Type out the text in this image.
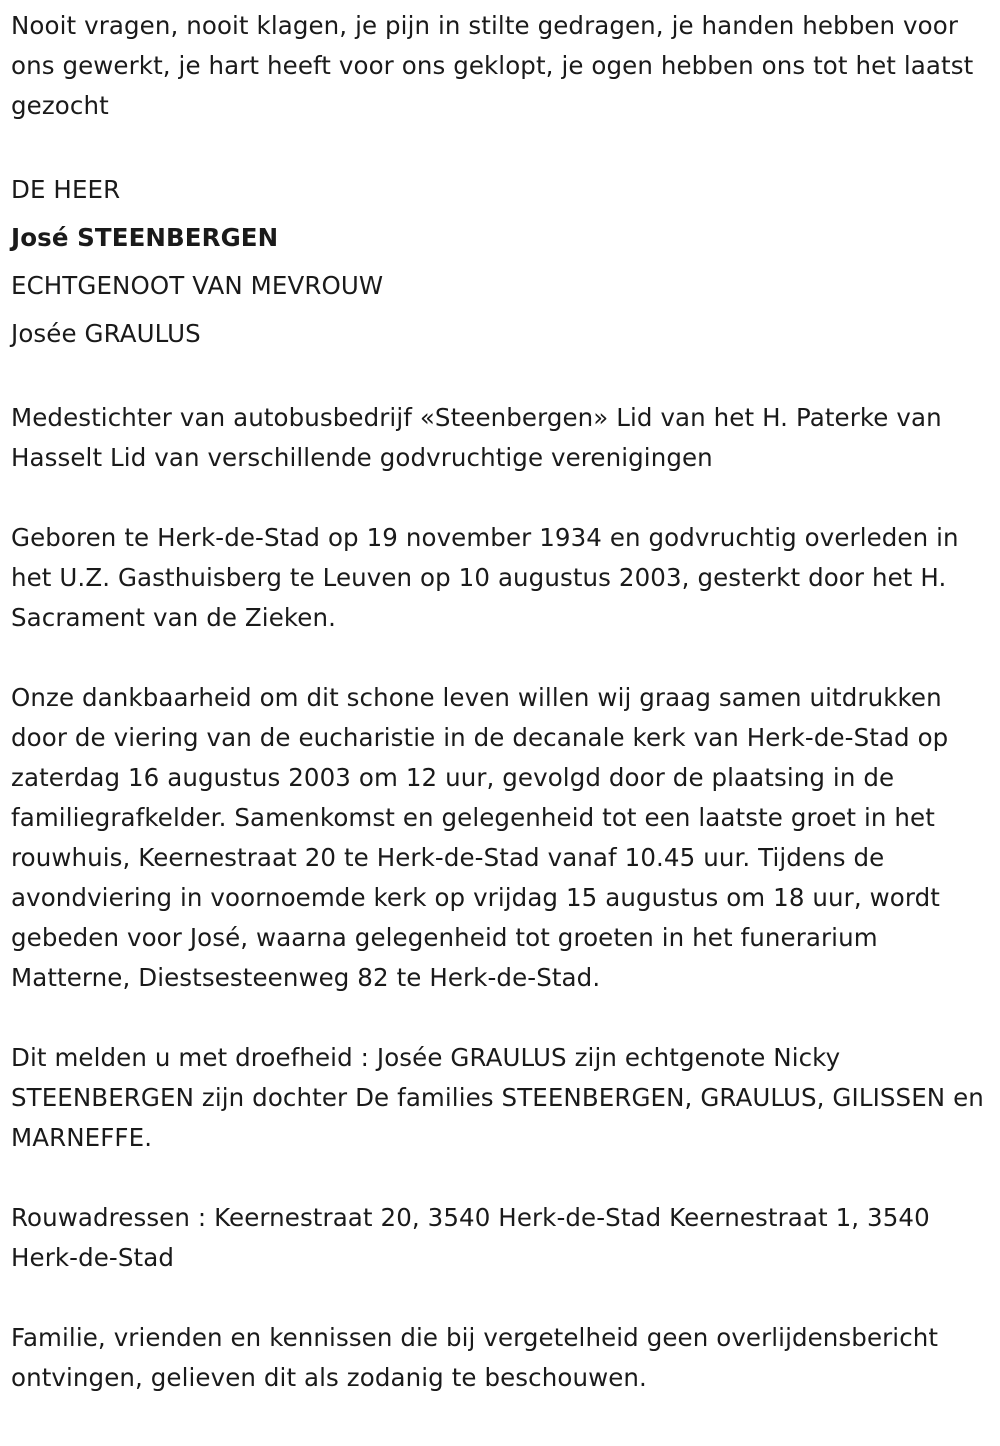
Nooit vragen, nooit klagen, je pijn in stilte gedragen, je handen hebben voor ons gewerkt, je hart heeft voor ons geklopt, je ogen hebben ons tot het laatst gezocht

DE HEER

José STEENBERGEN

ECHTGENOOT VAN MEVROUW

Josée GRAULUS

Medestichter van autobusbedrijf «Steenbergen» Lid van het H. Paterke van Hasselt Lid van verschillende godvruchtige verenigingen

Geboren te Herk-de-Stad op 19 november 1934 en godvruchtig overleden in het U.Z. Gasthuisberg te Leuven op 10 augustus 2003, gesterkt door het H. Sacrament van de Zieken.

Onze dankbaarheid om dit schone leven willen wij graag samen uitdrukken door de viering van de eucharistie in de decanale kerk van Herk-de-Stad op zaterdag 16 augustus 2003 om 12 uur, gevolgd door de plaatsing in de familiegrafkelder. Samenkomst en gelegenheid tot een laatste groet in het rouwhuis, Keernestraat 20 te Herk-de-Stad vanaf 10.45 uur. Tijdens de avondviering in voornoemde kerk op vrijdag 15 augustus om 18 uur, wordt gebeden voor José, waarna gelegenheid tot groeten in het funerarium Matterne, Diestsesteenweg 82 te Herk-de-Stad.

Dit melden u met droefheid : Josée GRAULUS zijn echtgenote Nicky STEENBERGEN zijn dochter De families STEENBERGEN, GRAULUS, GILISSEN en MARNEFFE.

Rouwadressen : Keernestraat 20, 3540 Herk-de-Stad Keernestraat 1, 3540 Herk-de-Stad

Familie, vrienden en kennissen die bij vergetelheid geen overlijdensbericht ontvingen, gelieven dit als zodanig te beschouwen.
